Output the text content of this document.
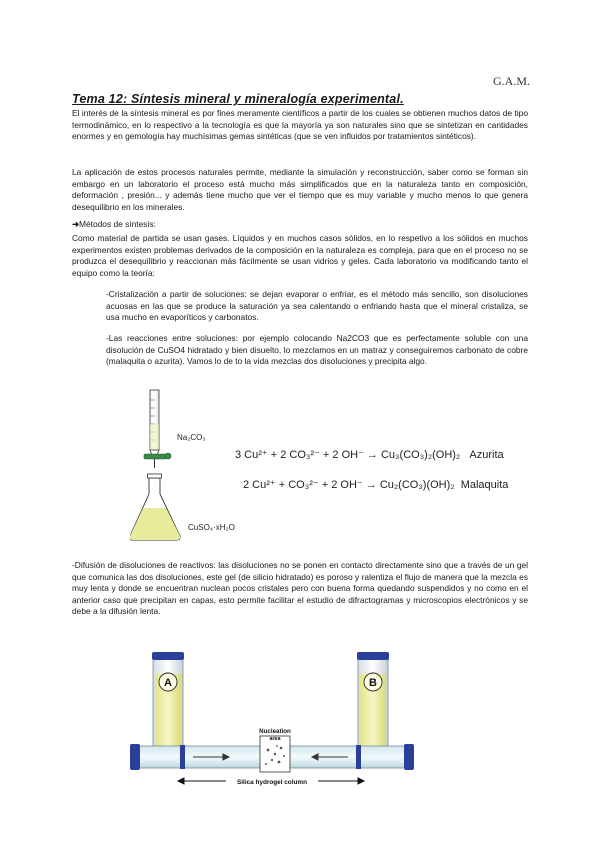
G.A.M.
Tema 12: Síntesis mineral y mineralogía experimental.

El interés de la síntesis mineral es por fines meramente científicos a partir de los cuales se obtienen muchos datos de tipo termodinámico, en lo respectivo a la tecnología es que la mayoría ya son naturales sino que se sintetizan en cantidades enormes y en gemología hay muchísimas gemas sintéticas (que se ven influidos por tratamientos sintéticos).

La aplicación de estos procesos naturales permite, mediante la simulación y reconstrucción, saber como se forman sin embargo en un laboratorio el proceso está mucho más simplificados que en la naturaleza tanto en composición, deformación , presión... y además tiene mucho que ver el tiempo que es muy variable y mucho menos lo que genera desequilibrio en los minerales.

➜Métodos de síntesis:

Como material de partida se usan gases. Líquidos y en muchos casos sólidos, en lo respetivo a los sólidos en muchos experimentos existen problemas derivados de la composición en la naturaleza es compleja, para que en el proceso no se produzca el desequilibrio y reaccionan más fácilmente se usan vidrios y geles. Cada laboratorio va modificando tanto el equipo como la teoría:

-Cristalización a partir de soluciones: se dejan evaporar o enfriar, es el método más sencillo, son disoluciones acuosas en las que se produce la saturación ya sea calentando o enfriando hasta que el mineral cristaliza, se usa mucho en evaporíticos y carbonatos.

-Las reacciones entre soluciones: por ejemplo colocando Na2CO3 que es perfectamente soluble con una disolución de CuSO4 hidratado y bien disuelto, lo mezclamos en un matraz y conseguiremos carbonato de cobre (malaquita o azurita). Vamos lo de to la vida mezclas dos disoluciones y precipita algo.

Na₂CO₃
CuSO₄·xH₂O
3 Cu²⁺ + 2 CO₃²⁻ + 2 OH⁻ → Cu₃(CO₃)₂(OH)₂ Azurita
2 Cu²⁺ + CO₃²⁻ + 2 OH⁻ → Cu₂(CO₃)(OH)₂ Malaquita

-Difusión de disoluciones de reactivos: las disoluciones no se ponen en contacto directamente sino que a través de un gel que comunica las dos disoluciones, este gel (de silicio hidratado) es poroso y ralentiza el flujo de manera que la mezcla es muy lenta y donde se encuentran nuclean pocos cristales pero con buena forma quedando suspendidos y no como en el anterior caso que precipitan en capas, esto permite facilitar el estudio de difractogramas y microscopios electrónicos y se debe a la difusión lenta.

A	B
Nucleation
area
Silica hydrogel column
